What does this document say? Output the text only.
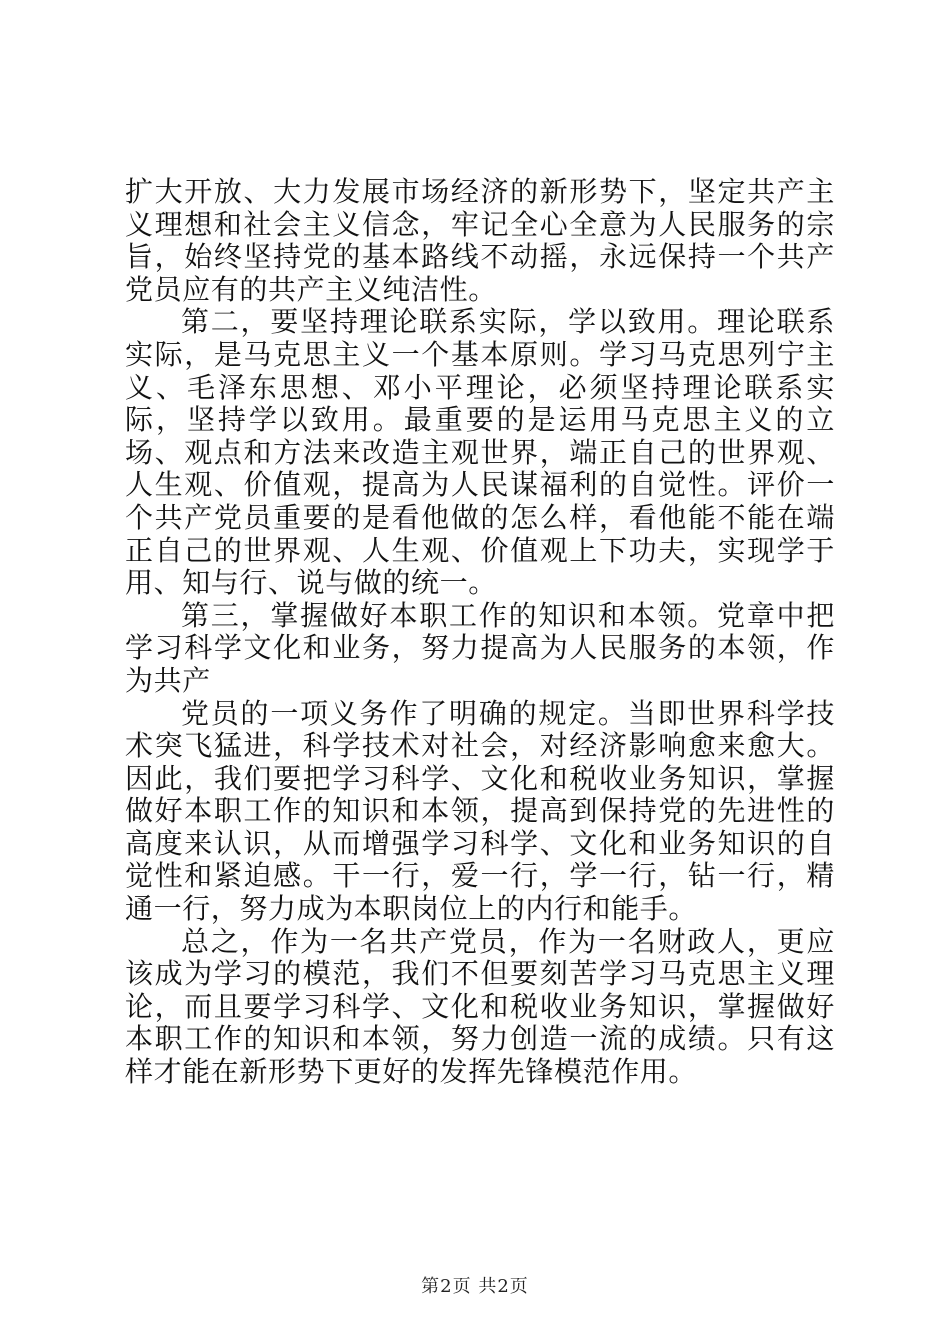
扩大开放、大力发展市场经济的新形势下，坚定共产主义理想和社会主义信念，牢记全心全意为人民服务的宗旨，始终坚持党的基本路线不动摇，永远保持一个共产党员应有的共产主义纯洁性。

第二，要坚持理论联系实际，学以致用。理论联系实际，是马克思主义一个基本原则。学习马克思列宁主义、毛泽东思想、邓小平理论，必须坚持理论联系实际，坚持学以致用。最重要的是运用马克思主义的立场、观点和方法来改造主观世界，端正自己的世界观、人生观、价值观，提高为人民谋福利的自觉性。评价一个共产党员重要的是看他做的怎么样，看他能不能在端正自己的世界观、人生观、价值观上下功夫，实现学于用、知与行、说与做的统一。

第三，掌握做好本职工作的知识和本领。党章中把学习科学文化和业务，努力提高为人民服务的本领，作为共产

党员的一项义务作了明确的规定。当即世界科学技术突飞猛进，科学技术对社会，对经济影响愈来愈大。因此，我们要把学习科学、文化和税收业务知识，掌握做好本职工作的知识和本领，提高到保持党的先进性的高度来认识，从而增强学习科学、文化和业务知识的自觉性和紧迫感。干一行，爱一行，学一行，钻一行，精通一行，努力成为本职岗位上的内行和能手。

总之，作为一名共产党员，作为一名财政人，更应该成为学习的模范，我们不但要刻苦学习马克思主义理论，而且要学习科学、文化和税收业务知识，掌握做好本职工作的知识和本领，努力创造一流的成绩。只有这样才能在新形势下更好的发挥先锋模范作用。

第2页 共2页
